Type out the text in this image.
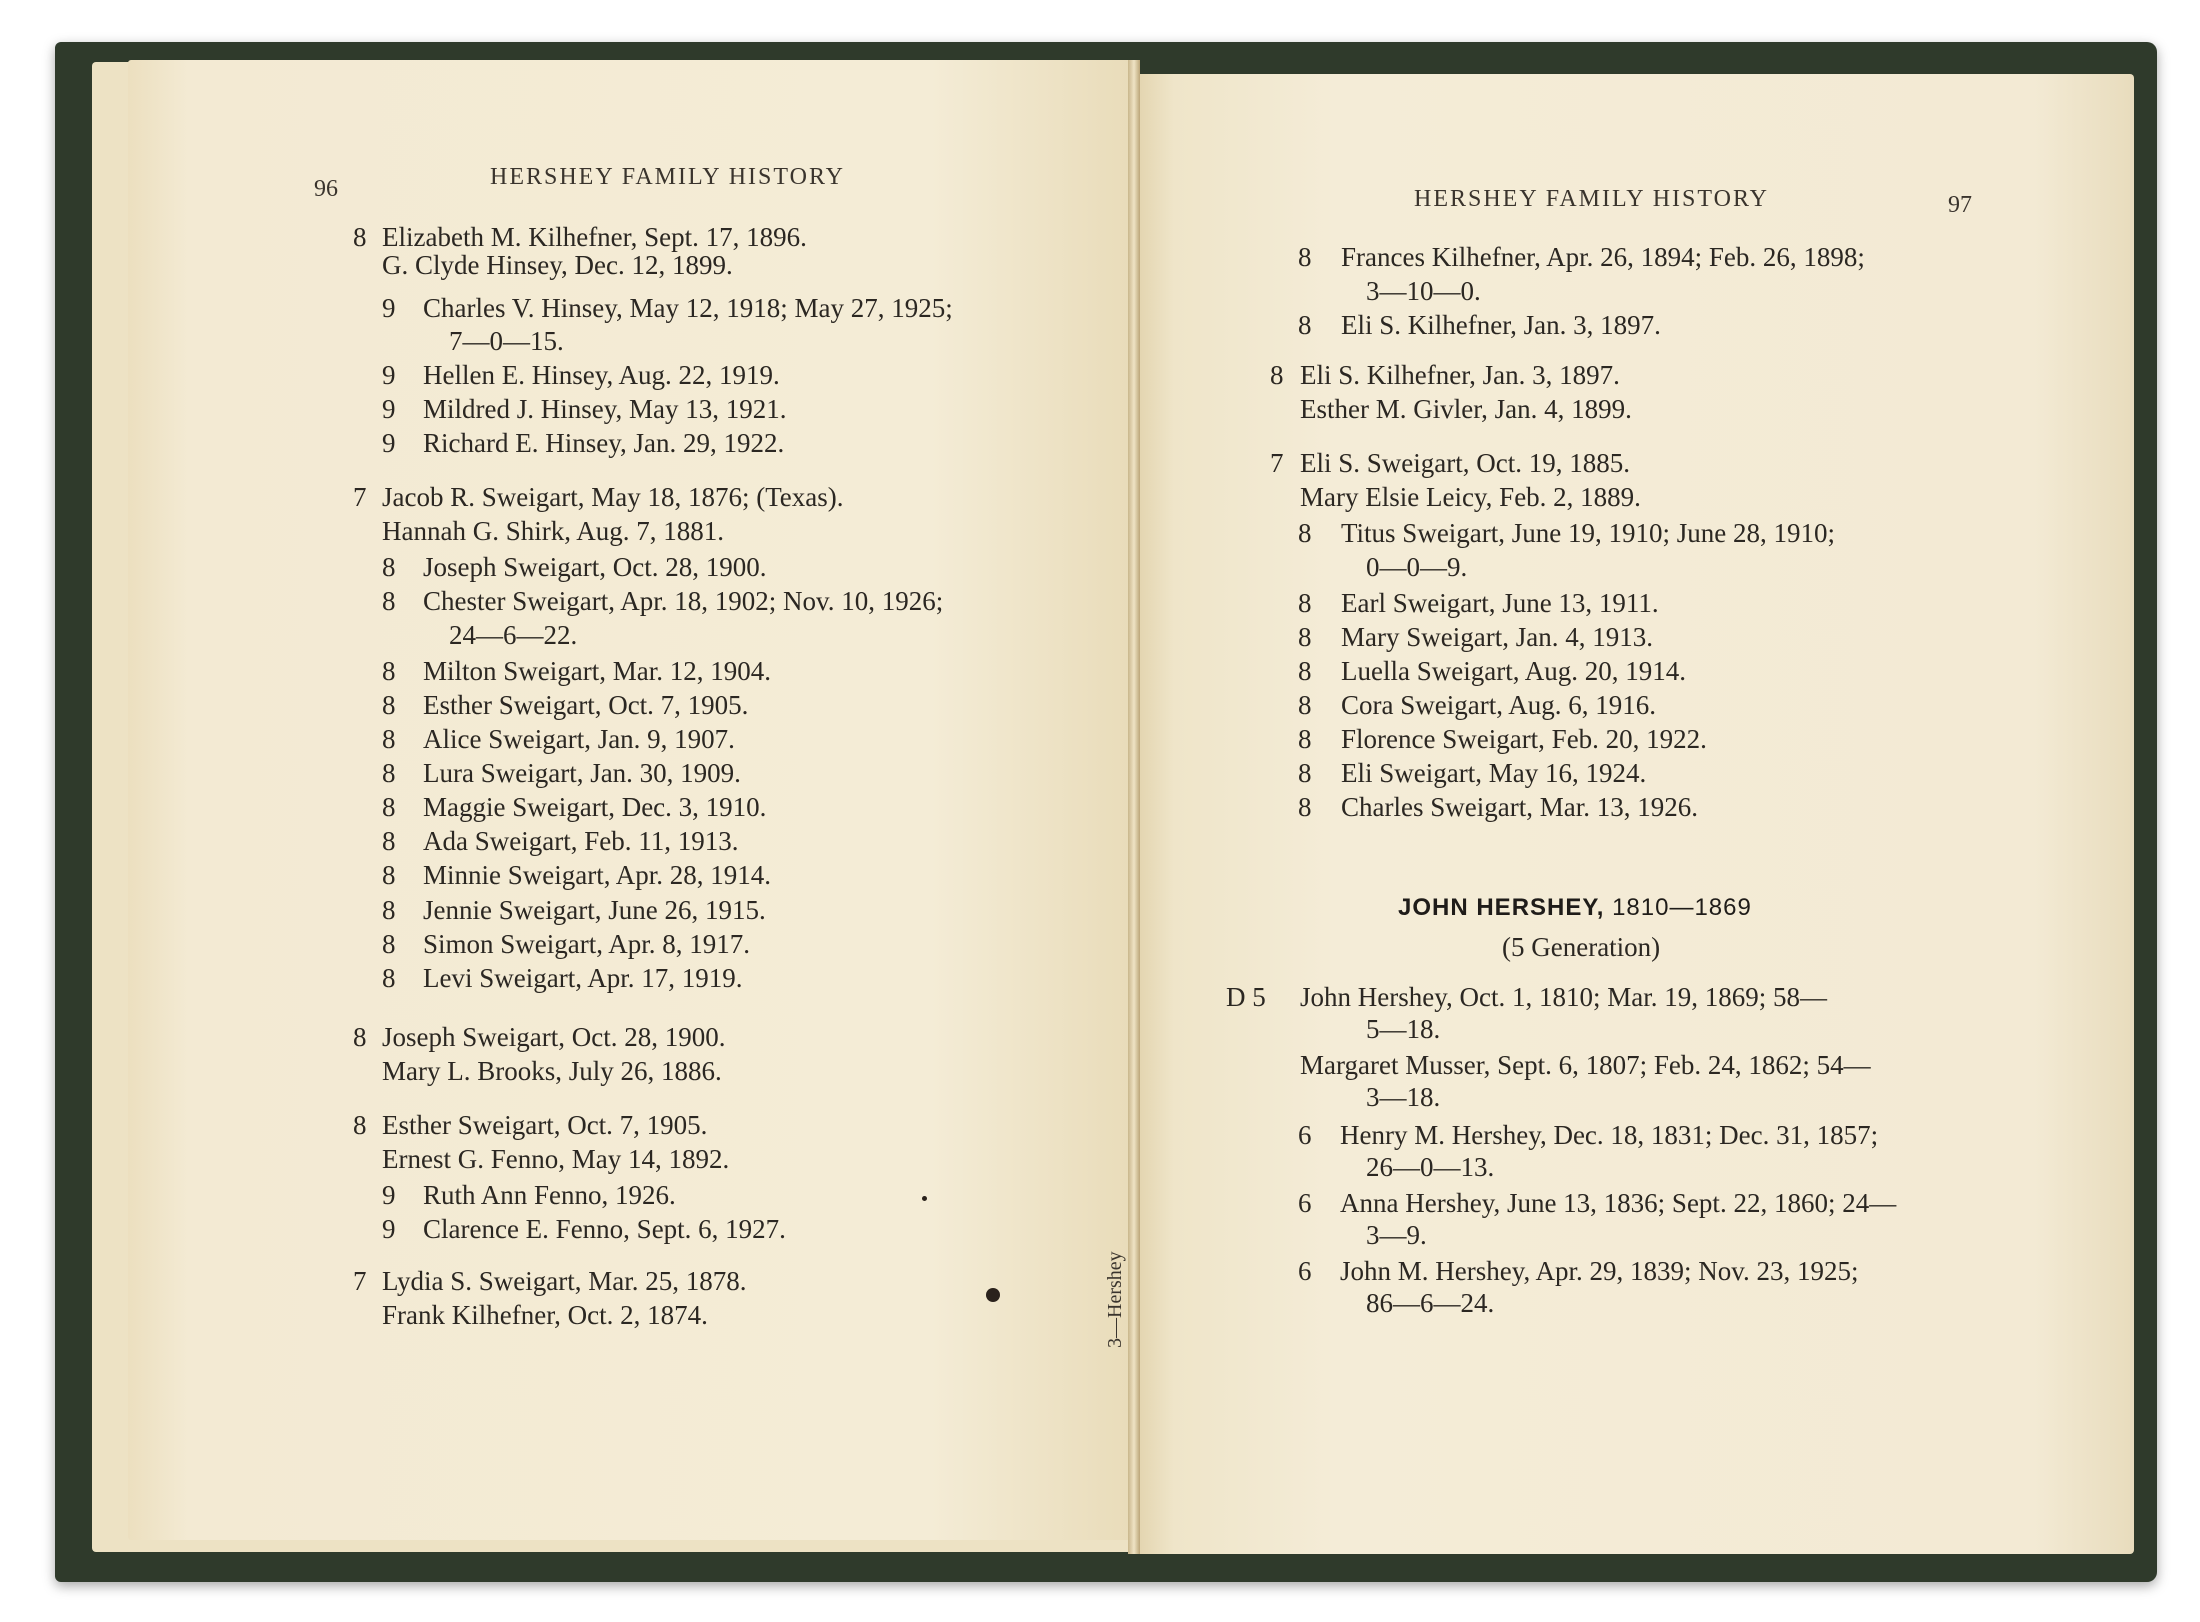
96	HERSHEY FAMILY HISTORY
8 Elizabeth M. Kilhefner, Sept. 17, 1896.
G. Clyde Hinsey, Dec. 12, 1899.
9 Charles V. Hinsey, May 12, 1918; May 27, 1925;
7—0—15.
9 Hellen E. Hinsey, Aug. 22, 1919.
9 Mildred J. Hinsey, May 13, 1921.
9 Richard E. Hinsey, Jan. 29, 1922.
7 Jacob R. Sweigart, May 18, 1876; (Texas).
Hannah G. Shirk, Aug. 7, 1881.
8 Joseph Sweigart, Oct. 28, 1900.
8 Chester Sweigart, Apr. 18, 1902; Nov. 10, 1926;
24—6—22.
8 Milton Sweigart, Mar. 12, 1904.
8 Esther Sweigart, Oct. 7, 1905.
8 Alice Sweigart, Jan. 9, 1907.
8 Lura Sweigart, Jan. 30, 1909.
8 Maggie Sweigart, Dec. 3, 1910.
8 Ada Sweigart, Feb. 11, 1913.
8 Minnie Sweigart, Apr. 28, 1914.
8 Jennie Sweigart, June 26, 1915.
8 Simon Sweigart, Apr. 8, 1917.
8 Levi Sweigart, Apr. 17, 1919.
8 Joseph Sweigart, Oct. 28, 1900.
Mary L. Brooks, July 26, 1886.
8 Esther Sweigart, Oct. 7, 1905.
Ernest G. Fenno, May 14, 1892.
9 Ruth Ann Fenno, 1926.
9 Clarence E. Fenno, Sept. 6, 1927.
7 Lydia S. Sweigart, Mar. 25, 1878.
Frank Kilhefner, Oct. 2, 1874.	3—Hershey
HERSHEY FAMILY HISTORY	97
8 Frances Kilhefner, Apr. 26, 1894; Feb. 26, 1898;
3—10—0.
8 Eli S. Kilhefner, Jan. 3, 1897.
8 Eli S. Kilhefner, Jan. 3, 1897.
Esther M. Givler, Jan. 4, 1899.
7 Eli S. Sweigart, Oct. 19, 1885.
Mary Elsie Leicy, Feb. 2, 1889.
8 Titus Sweigart, June 19, 1910; June 28, 1910;
0—0—9.
8 Earl Sweigart, June 13, 1911.
8 Mary Sweigart, Jan. 4, 1913.
8 Luella Sweigart, Aug. 20, 1914.
8 Cora Sweigart, Aug. 6, 1916.
8 Florence Sweigart, Feb. 20, 1922.
8 Eli Sweigart, May 16, 1924.
8 Charles Sweigart, Mar. 13, 1926.
JOHN HERSHEY, 1810—1869
(5 Generation)
D 5 John Hershey, Oct. 1, 1810; Mar. 19, 1869; 58—
5—18.
Margaret Musser, Sept. 6, 1807; Feb. 24, 1862; 54—
3—18.
6 Henry M. Hershey, Dec. 18, 1831; Dec. 31, 1857;
26—0—13.
6 Anna Hershey, June 13, 1836; Sept. 22, 1860; 24—
3—9.
6 John M. Hershey, Apr. 29, 1839; Nov. 23, 1925;
86—6—24.
